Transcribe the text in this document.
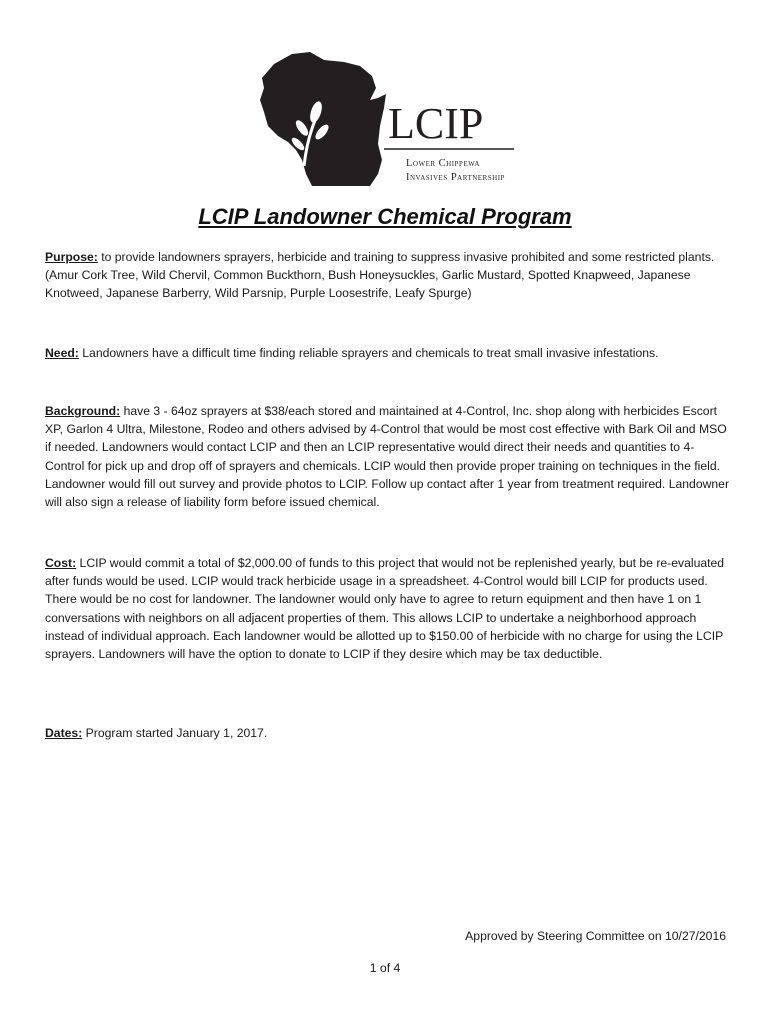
LCIP
Lower Chippewa
Invasives Partnership
LCIP Landowner Chemical Program
Purpose: to provide landowners sprayers, herbicide and training to suppress invasive prohibited and some restricted plants. (Amur Cork Tree, Wild Chervil, Common Buckthorn, Bush Honeysuckles, Garlic Mustard, Spotted Knapweed, Japanese Knotweed, Japanese Barberry, Wild Parsnip, Purple Loosestrife, Leafy Spurge)
Need: Landowners have a difficult time finding reliable sprayers and chemicals to treat small invasive infestations.
Background: have 3 - 64oz sprayers at $38/each stored and maintained at 4-Control, Inc. shop along with herbicides Escort XP, Garlon 4 Ultra, Milestone, Rodeo and others advised by 4-Control that would be most cost effective with Bark Oil and MSO if needed. Landowners would contact LCIP and then an LCIP representative would direct their needs and quantities to 4-Control for pick up and drop off of sprayers and chemicals. LCIP would then provide proper training on techniques in the field. Landowner would fill out survey and provide photos to LCIP. Follow up contact after 1 year from treatment required. Landowner will also sign a release of liability form before issued chemical.
Cost: LCIP would commit a total of $2,000.00 of funds to this project that would not be replenished yearly, but be re-evaluated after funds would be used. LCIP would track herbicide usage in a spreadsheet. 4-Control would bill LCIP for products used. There would be no cost for landowner. The landowner would only have to agree to return equipment and then have 1 on 1 conversations with neighbors on all adjacent properties of them. This allows LCIP to undertake a neighborhood approach instead of individual approach. Each landowner would be allotted up to $150.00 of herbicide with no charge for using the LCIP sprayers. Landowners will have the option to donate to LCIP if they desire which may be tax deductible.
Dates: Program started January 1, 2017.
Approved by Steering Committee on 10/27/2016
1 of 4
